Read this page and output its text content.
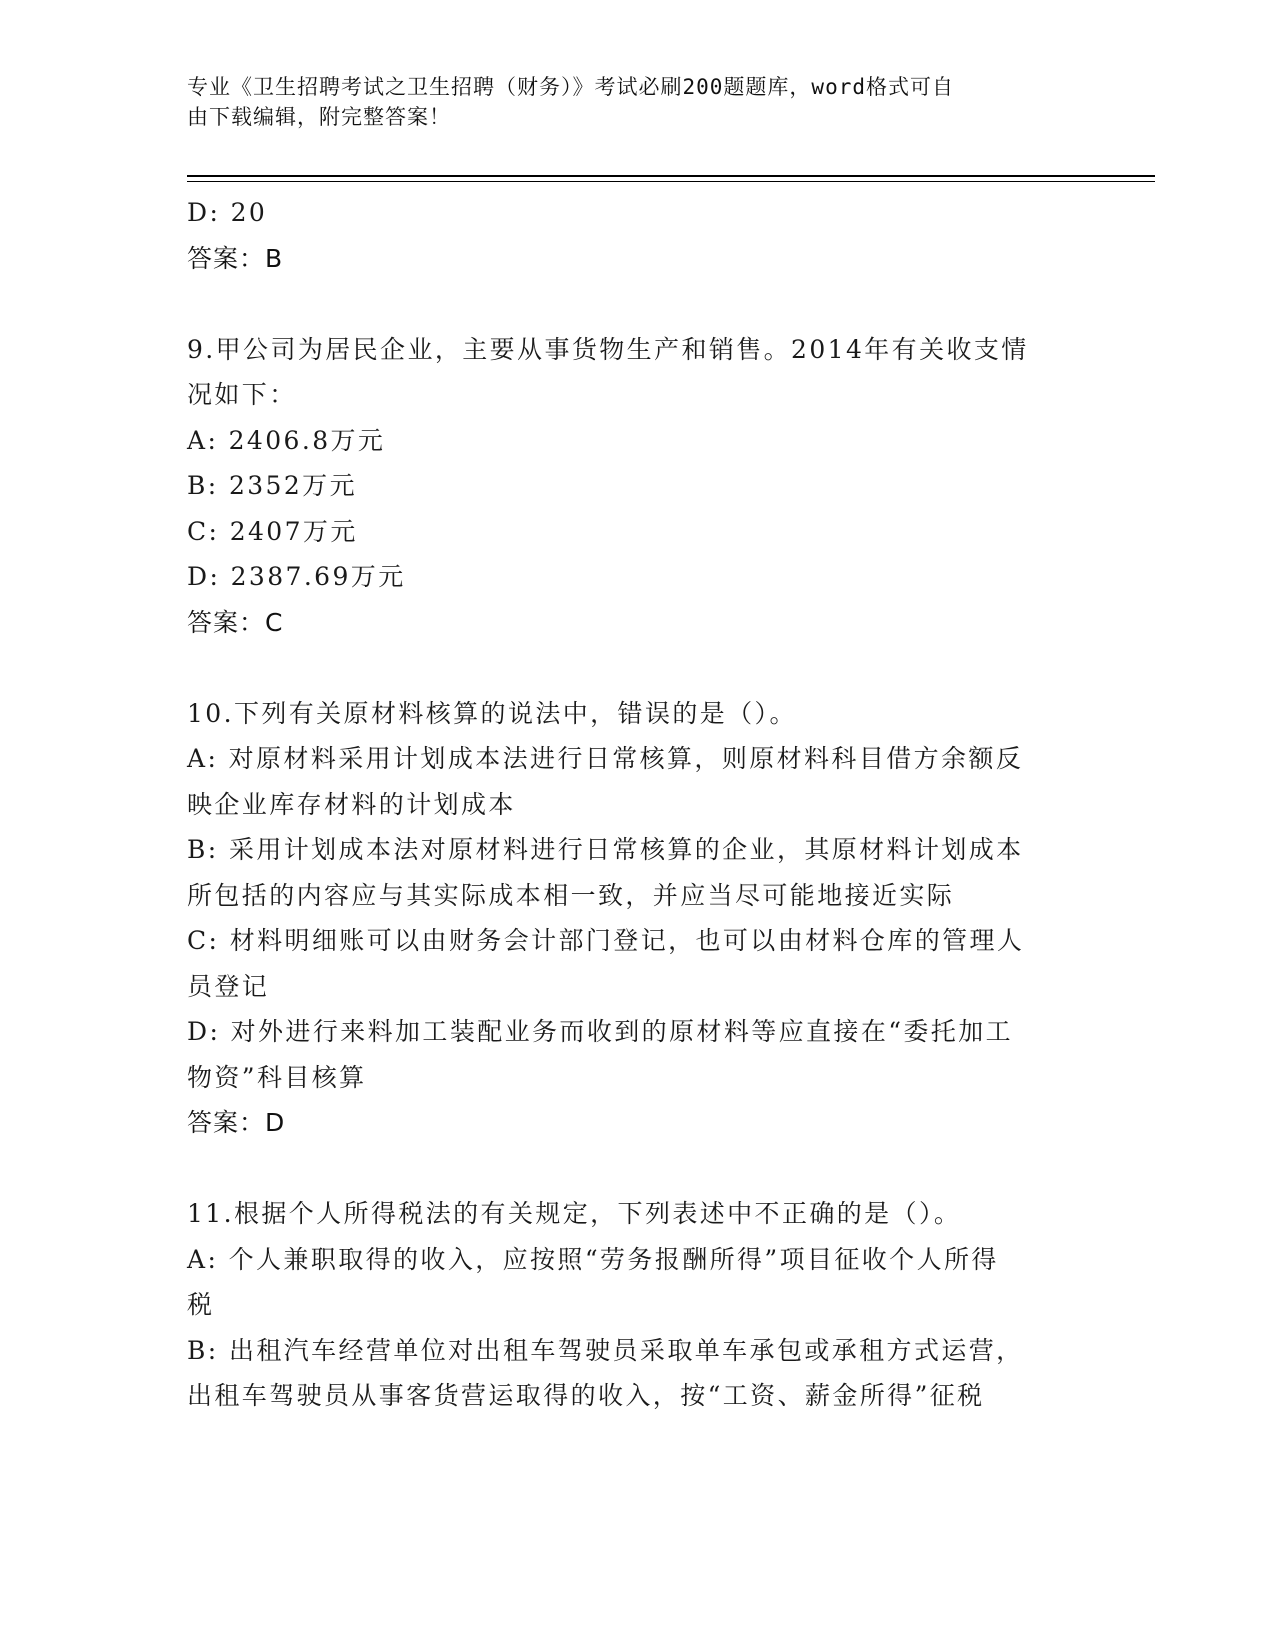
专业《卫生招聘考试之卫生招聘（财务）》考试必刷200题题库，word格式可自
由下载编辑，附完整答案！
D: 20
答案：B
9.甲公司为居民企业，主要从事货物生产和销售。2014年有关收支情
况如下：
A: 2406.8万元
B: 2352万元
C: 2407万元
D: 2387.69万元
答案：C
10.下列有关原材料核算的说法中，错误的是（）。
A: 对原材料采用计划成本法进行日常核算，则原材料科目借方余额反
映企业库存材料的计划成本
B: 采用计划成本法对原材料进行日常核算的企业，其原材料计划成本
所包括的内容应与其实际成本相一致，并应当尽可能地接近实际
C: 材料明细账可以由财务会计部门登记，也可以由材料仓库的管理人
员登记
D: 对外进行来料加工装配业务而收到的原材料等应直接在“委托加工
物资”科目核算
答案：D
11.根据个人所得税法的有关规定，下列表述中不正确的是（）。
A: 个人兼职取得的收入，应按照“劳务报酬所得”项目征收个人所得
税
B: 出租汽车经营单位对出租车驾驶员采取单车承包或承租方式运营，
出租车驾驶员从事客货营运取得的收入，按“工资、薪金所得”征税
